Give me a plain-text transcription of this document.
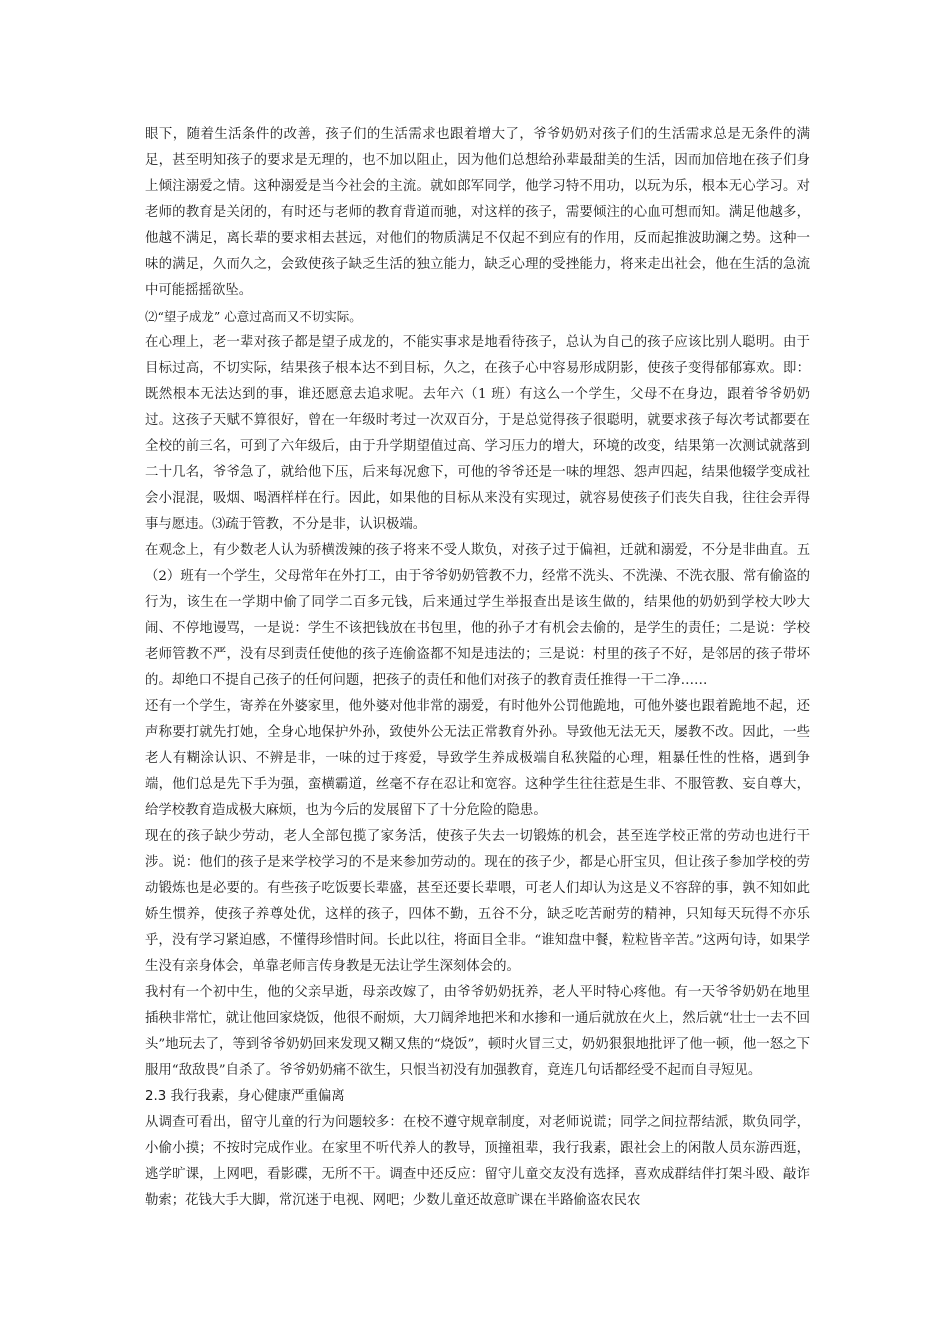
眼下，随着生活条件的改善，孩子们的生活需求也跟着增大了，爷爷奶奶对孩子们的生活需求总是无条件的满足，甚至明知孩子的要求是无理的，也不加以阻止，因为他们总想给孙辈最甜美的生活，因而加倍地在孩子们身上倾注溺爱之情。这种溺爱是当今社会的主流。就如郎军同学，他学习特不用功，以玩为乐，根本无心学习。对老师的教育是关闭的，有时还与老师的教育背道而驰，对这样的孩子，需要倾注的心血可想而知。满足他越多，他越不满足，离长辈的要求相去甚远，对他们的物质满足不仅起不到应有的作用，反而起推波助澜之势。这种一味的满足，久而久之，会致使孩子缺乏生活的独立能力，缺乏心理的受挫能力，将来走出社会，他在生活的急流中可能摇摇欲坠。

⑵“望子成龙” 心意过高而又不切实际。

在心理上，老一辈对孩子都是望子成龙的，不能实事求是地看待孩子，总认为自己的孩子应该比别人聪明。由于目标过高，不切实际，结果孩子根本达不到目标，久之，在孩子心中容易形成阴影，使孩子变得郁郁寡欢。即：既然根本无法达到的事，谁还愿意去追求呢。去年六（1 班）有这么一个学生，父母不在身边，跟着爷爷奶奶过。这孩子天赋不算很好，曾在一年级时考过一次双百分，于是总觉得孩子很聪明，就要求孩子每次考试都要在全校的前三名，可到了六年级后，由于升学期望值过高、学习压力的增大，环境的改变，结果第一次测试就落到二十几名，爷爷急了，就给他下压，后来每况愈下，可他的爷爷还是一味的埋怨、怨声四起，结果他辍学变成社会小混混，吸烟、喝酒样样在行。因此，如果他的目标从来没有实现过，就容易使孩子们丧失自我，往往会弄得事与愿违。⑶疏于管教，不分是非，认识极端。

在观念上，有少数老人认为骄横泼辣的孩子将来不受人欺负，对孩子过于偏袒，迁就和溺爱，不分是非曲直。五（2）班有一个学生，父母常年在外打工，由于爷爷奶奶管教不力，经常不洗头、不洗澡、不洗衣服、常有偷盗的行为，该生在一学期中偷了同学二百多元钱，后来通过学生举报查出是该生做的，结果他的奶奶到学校大吵大闹、不停地谩骂，一是说：学生不该把钱放在书包里，他的孙子才有机会去偷的，是学生的责任；二是说：学校老师管教不严，没有尽到责任使他的孩子连偷盗都不知是违法的；三是说：村里的孩子不好，是邻居的孩子带坏的。却绝口不提自己孩子的任何问题，把孩子的责任和他们对孩子的教育责任推得一干二净……

还有一个学生，寄养在外婆家里，他外婆对他非常的溺爱，有时他外公罚他跪地，可他外婆也跟着跪地不起，还声称要打就先打她，全身心地保护外孙，致使外公无法正常教育外孙。导致他无法无天，屡教不改。因此，一些老人有糊涂认识、不辨是非，一味的过于疼爱，导致学生养成极端自私狭隘的心理，粗暴任性的性格，遇到争端，他们总是先下手为强，蛮横霸道，丝毫不存在忍让和宽容。这种学生往往惹是生非、不服管教、妄自尊大，给学校教育造成极大麻烦，也为今后的发展留下了十分危险的隐患。

现在的孩子缺少劳动，老人全部包揽了家务活，使孩子失去一切锻炼的机会，甚至连学校正常的劳动也进行干涉。说：他们的孩子是来学校学习的不是来参加劳动的。现在的孩子少，都是心肝宝贝，但让孩子参加学校的劳动锻炼也是必要的。有些孩子吃饭要长辈盛，甚至还要长辈喂，可老人们却认为这是义不容辞的事，孰不知如此娇生惯养，使孩子养尊处优，这样的孩子，四体不勤，五谷不分，缺乏吃苦耐劳的精神，只知每天玩得不亦乐乎，没有学习紧迫感，不懂得珍惜时间。长此以往，将面目全非。“谁知盘中餐，粒粒皆辛苦。”这两句诗，如果学生没有亲身体会，单靠老师言传身教是无法让学生深刻体会的。

我村有一个初中生，他的父亲早逝，母亲改嫁了，由爷爷奶奶抚养，老人平时特心疼他。有一天爷爷奶奶在地里插秧非常忙，就让他回家烧饭，他很不耐烦，大刀阔斧地把米和水掺和一通后就放在火上，然后就“壮士一去不回头”地玩去了，等到爷爷奶奶回来发现又糊又焦的“烧饭”，顿时火冒三丈，奶奶狠狠地批评了他一顿，他一怒之下服用“敌敌畏”自杀了。爷爷奶奶痛不欲生，只恨当初没有加强教育，竟连几句话都经受不起而自寻短见。

2.3 我行我素，身心健康严重偏离

从调查可看出，留守儿童的行为问题较多：在校不遵守规章制度，对老师说谎；同学之间拉帮结派，欺负同学，小偷小摸；不按时完成作业。在家里不听代养人的教导，顶撞祖辈，我行我素，跟社会上的闲散人员东游西逛，逃学旷课，上网吧，看影碟，无所不干。调查中还反应：留守儿童交友没有选择，喜欢成群结伴打架斗殴、敲诈勒索；花钱大手大脚，常沉迷于电视、网吧；少数儿童还故意旷课在半路偷盗农民农
